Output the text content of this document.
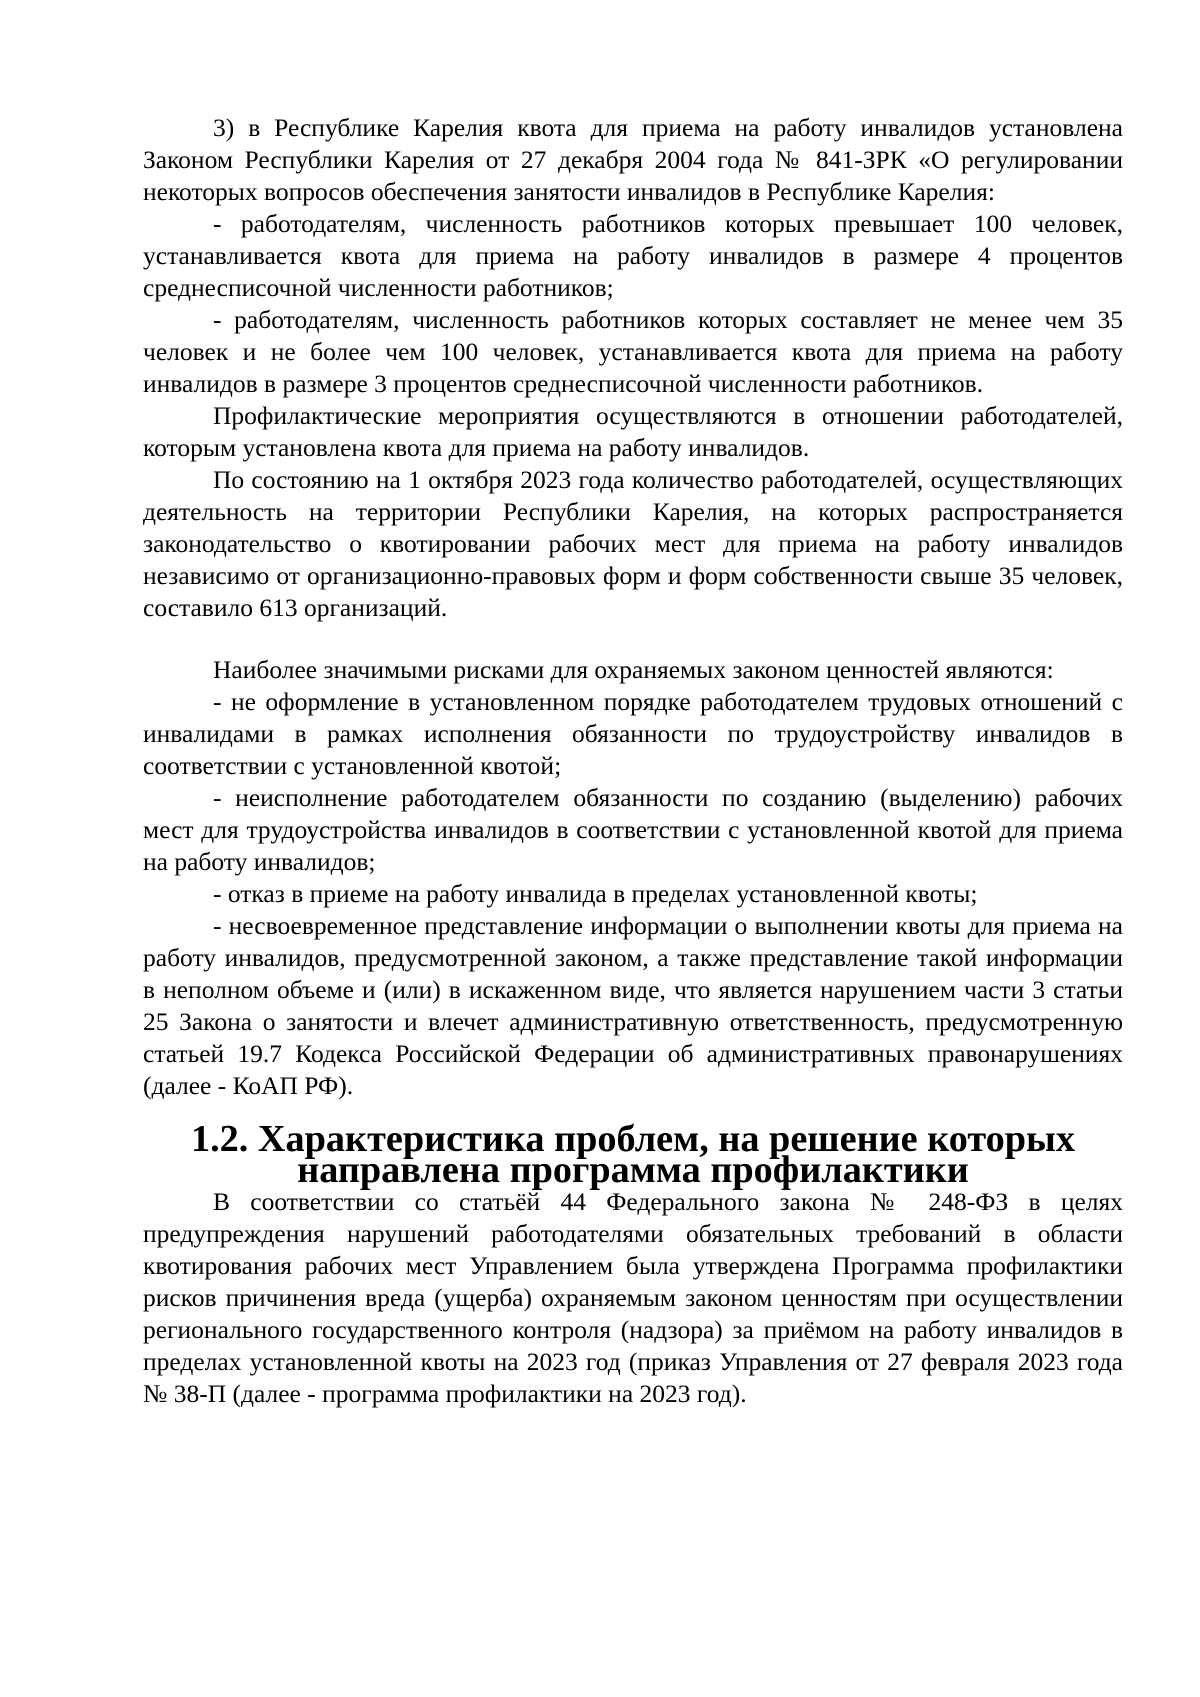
3) в Республике Карелия квота для приема на работу инвалидов установлена Законом Республики Карелия от 27 декабря 2004 года № 841-ЗРК «О регулировании некоторых вопросов обеспечения занятости инвалидов в Республике Карелия:

- работодателям, численность работников которых превышает 100 человек, устанавливается квота для приема на работу инвалидов в размере 4 процентов среднесписочной численности работников;

- работодателям, численность работников которых составляет не менее чем 35 человек и не более чем 100 человек, устанавливается квота для приема на работу инвалидов в размере 3 процентов среднесписочной численности работников.

Профилактические мероприятия осуществляются в отношении работодателей, которым установлена квота для приема на работу инвалидов.

По состоянию на 1 октября 2023 года количество работодателей, осуществляющих деятельность на территории Республики Карелия, на которых распространяется законодательство о квотировании рабочих мест для приема на работу инвалидов независимо от организационно-правовых форм и форм собственности свыше 35 человек, составило 613 организаций.

Наиболее значимыми рисками для охраняемых законом ценностей являются:

- не оформление в установленном порядке работодателем трудовых отношений с инвалидами в рамках исполнения обязанности по трудоустройству инвалидов в соответствии с установленной квотой;

- неисполнение работодателем обязанности по созданию (выделению) рабочих мест для трудоустройства инвалидов в соответствии с установленной квотой для приема на работу инвалидов;

- отказ в приеме на работу инвалида в пределах установленной квоты;

- несвоевременное представление информации о выполнении квоты для приема на работу инвалидов, предусмотренной законом, а также представление такой информации в неполном объеме и (или) в искаженном виде, что является нарушением части 3 статьи 25 Закона о занятости и влечет административную ответственность, предусмотренную статьей 19.7 Кодекса Российской Федерации об административных правонарушениях (далее - КоАП РФ).

1.2. Характеристика проблем, на решение которых направлена программа профилактики

В соответствии со статьёй 44 Федерального закона № 248-ФЗ в целях предупреждения нарушений работодателями обязательных требований в области квотирования рабочих мест Управлением была утверждена Программа профилактики рисков причинения вреда (ущерба) охраняемым законом ценностям при осуществлении регионального государственного контроля (надзора) за приёмом на работу инвалидов в пределах установленной квоты на 2023 год (приказ Управления от 27 февраля 2023 года № 38-П (далее - программа профилактики на 2023 год).
